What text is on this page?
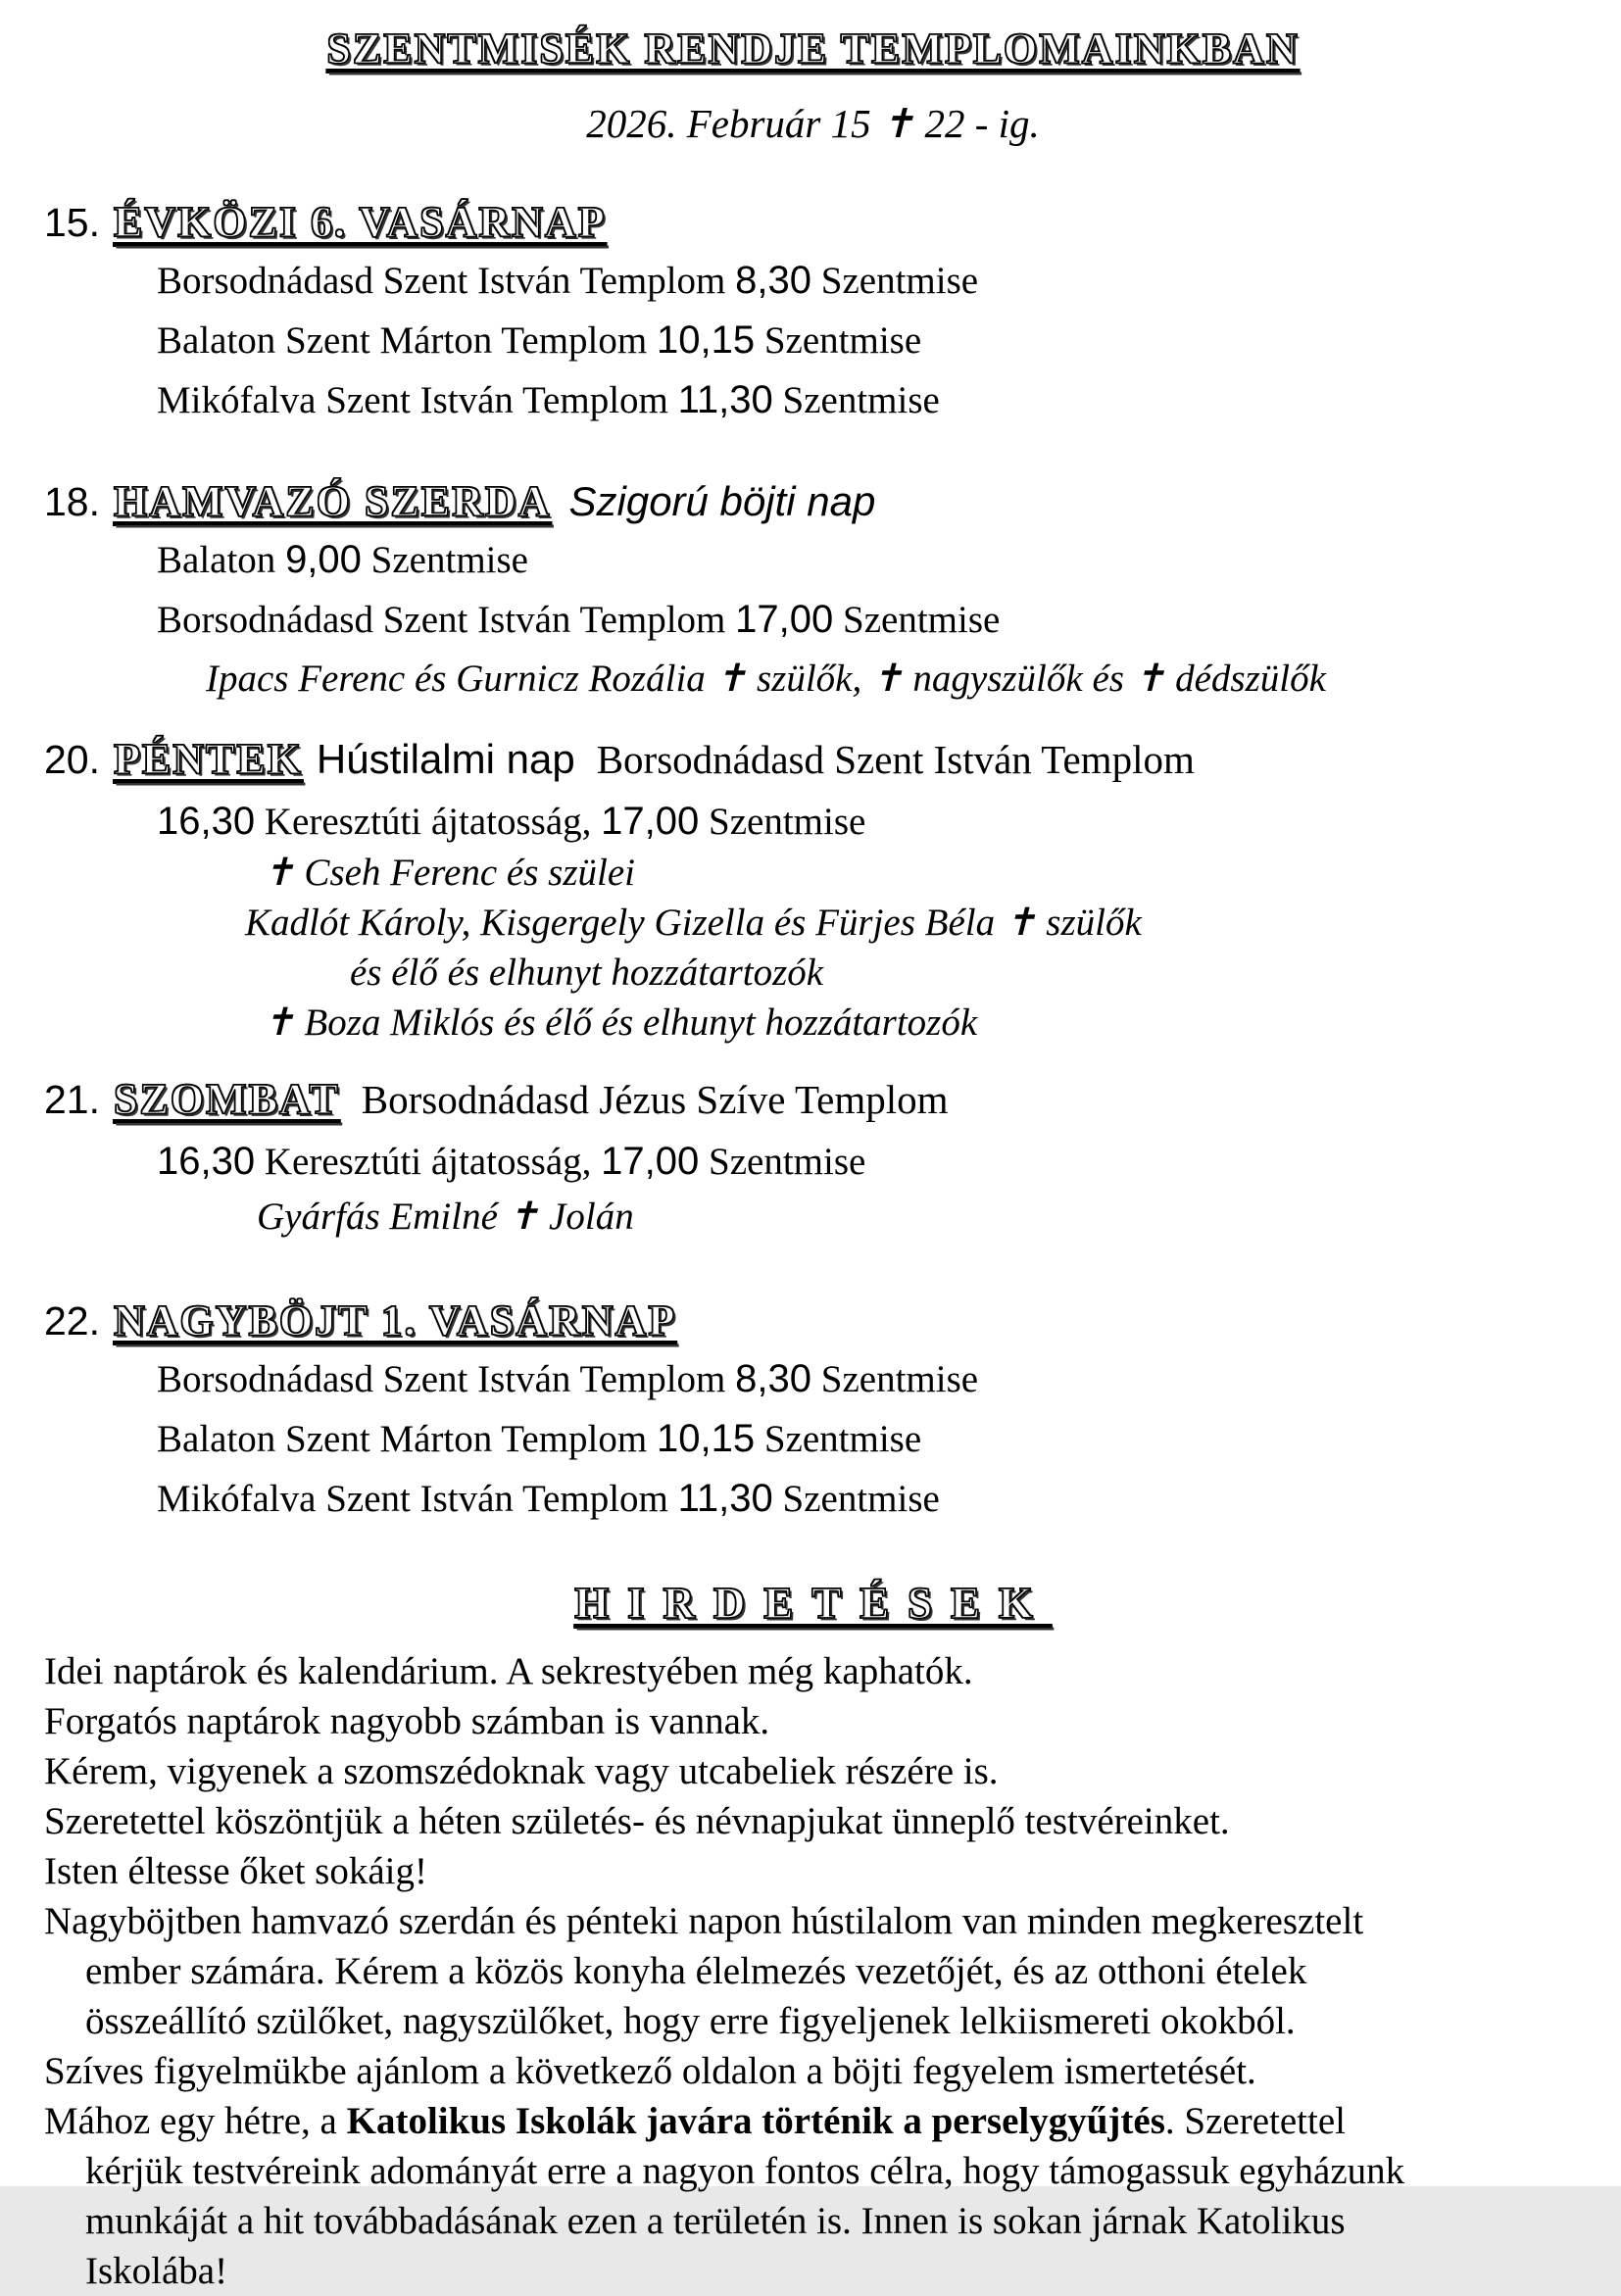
SZENTMISÉK RENDJE TEMPLOMAINKBAN
2026. Február 15 ✝ 22 - ig.
15. ÉVKÖZI 6. VASÁRNAP
Borsodnádasd Szent István Templom 8,30 Szentmise
Balaton Szent Márton Templom 10,15 Szentmise
Mikófalva Szent István Templom 11,30 Szentmise
18. HAMVAZÓ SZERDA Szigorú böjti nap
Balaton 9,00 Szentmise
Borsodnádasd Szent István Templom 17,00 Szentmise
Ipacs Ferenc és Gurnicz Rozália ✝ szülők, ✝ nagyszülők és ✝ dédszülők
20. PÉNTEK Hústilalmi nap Borsodnádasd Szent István Templom
16,30 Keresztúti ájtatosság, 17,00 Szentmise
✝ Cseh Ferenc és szülei
Kadlót Károly, Kisgergely Gizella és Fürjes Béla ✝ szülők
és élő és elhunyt hozzátartozók
✝ Boza Miklós és élő és elhunyt hozzátartozók
21. SZOMBAT Borsodnádasd Jézus Szíve Templom
16,30 Keresztúti ájtatosság, 17,00 Szentmise
Gyárfás Emilné ✝ Jolán
22. NAGYBÖJT 1. VASÁRNAP
Borsodnádasd Szent István Templom 8,30 Szentmise
Balaton Szent Márton Templom 10,15 Szentmise
Mikófalva Szent István Templom 11,30 Szentmise
HIRDETÉSEK
Idei naptárok és kalendárium. A sekrestyében még kaphatók.
Forgatós naptárok nagyobb számban is vannak.
Kérem, vigyenek a szomszédoknak vagy utcabeliek részére is.
Szeretettel köszöntjük a héten születés- és névnapjukat ünneplő testvéreinket.
Isten éltesse őket sokáig!
Nagyböjtben hamvazó szerdán és pénteki napon hústilalom van minden megkeresztelt
ember számára. Kérem a közös konyha élelmezés vezetőjét, és az otthoni ételek
összeállító szülőket, nagyszülőket, hogy erre figyeljenek lelkiismereti okokból.
Szíves figyelmükbe ajánlom a következő oldalon a böjti fegyelem ismertetését.
Mához egy hétre, a Katolikus Iskolák javára történik a perselygyűjtés. Szeretettel
kérjük testvéreink adományát erre a nagyon fontos célra, hogy támogassuk egyházunk
munkáját a hit továbbadásának ezen a területén is. Innen is sokan járnak Katolikus
Iskolába!
